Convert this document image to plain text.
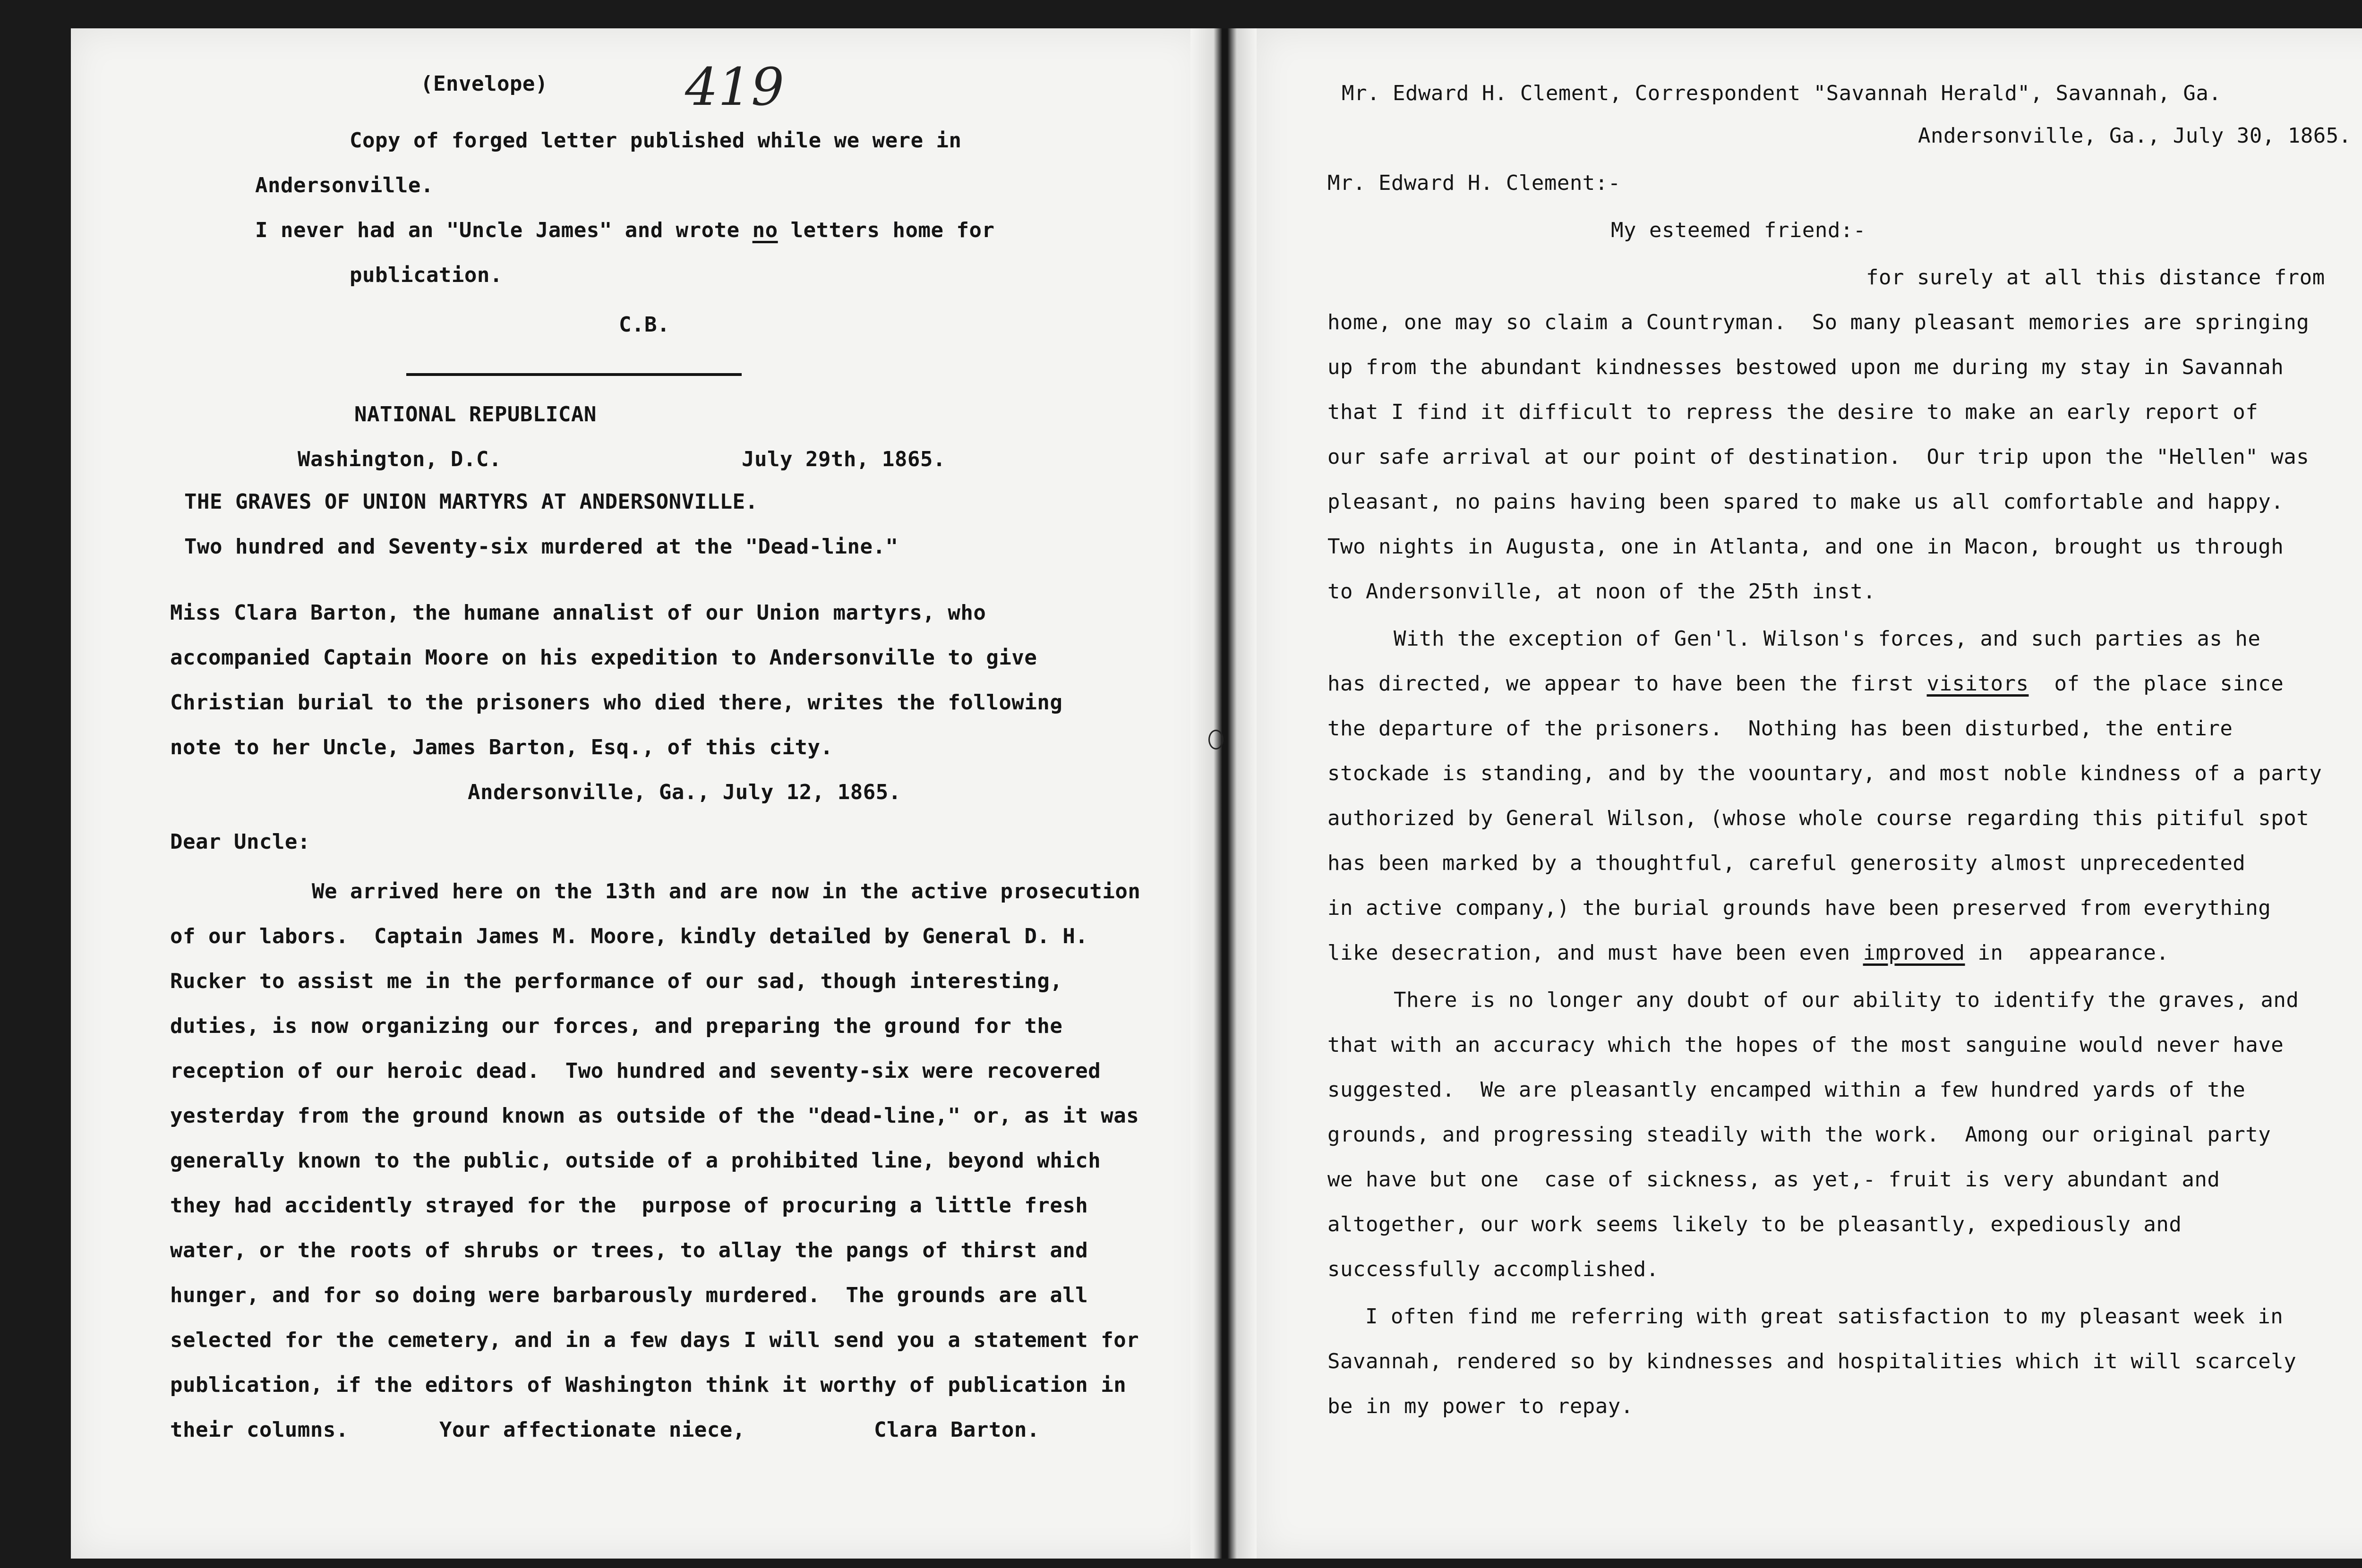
(Envelope)	419
Copy of forged letter published while we were in
Andersonville.
I never had an "Uncle James" and wrote no letters home for
publication.
C.B.
NATIONAL REPUBLICAN
Washington, D.C.	July 29th, 1865.
THE GRAVES OF UNION MARTYRS AT ANDERSONVILLE.
Two hundred and Seventy-six murdered at the "Dead-line."
Miss Clara Barton, the humane annalist of our Union martyrs, who
accompanied Captain Moore on his expedition to Andersonville to give
Christian burial to the prisoners who died there, writes the following
note to her Uncle, James Barton, Esq., of this city.
Andersonville, Ga., July 12, 1865.
Dear Uncle:
We arrived here on the 13th and are now in the active prosecution
of our labors.  Captain James M. Moore, kindly detailed by General D. H.
Rucker to assist me in the performance of our sad, though interesting,
duties, is now organizing our forces, and preparing the ground for the
reception of our heroic dead.  Two hundred and seventy-six were recovered
yesterday from the ground known as outside of the "dead-line," or, as it was
generally known to the public, outside of a prohibited line, beyond which
they had accidently strayed for the  purpose of procuring a little fresh
water, or the roots of shrubs or trees, to allay the pangs of thirst and
hunger, and for so doing were barbarously murdered.  The grounds are all
selected for the cemetery, and in a few days I will send you a statement for
publication, if the editors of Washington think it worthy of publication in
their columns.	Your affectionate niece,	Clara Barton.
Mr. Edward H. Clement, Correspondent "Savannah Herald", Savannah, Ga.
Andersonville, Ga., July 30, 1865.
Mr. Edward H. Clement:-
My esteemed friend:-
for surely at all this distance from
home, one may so claim a Countryman.  So many pleasant memories are springing
up from the abundant kindnesses bestowed upon me during my stay in Savannah
that I find it difficult to repress the desire to make an early report of
our safe arrival at our point of destination.  Our trip upon the "Hellen" was
pleasant, no pains having been spared to make us all comfortable and happy.
Two nights in Augusta, one in Atlanta, and one in Macon, brought us through
to Andersonville, at noon of the 25th inst.
With the exception of Gen'l. Wilson's forces, and such parties as he
has directed, we appear to have been the first visitors  of the place since
the departure of the prisoners.  Nothing has been disturbed, the entire
stockade is standing, and by the voountary, and most noble kindness of a party
authorized by General Wilson, (whose whole course regarding this pitiful spot
has been marked by a thoughtful, careful generosity almost unprecedented
in active company,) the burial grounds have been preserved from everything
like desecration, and must have been even improved in  appearance.
There is no longer any doubt of our ability to identify the graves, and
that with an accuracy which the hopes of the most sanguine would never have
suggested.  We are pleasantly encamped within a few hundred yards of the
grounds, and progressing steadily with the work.  Among our original party
we have but one  case of sickness, as yet,- fruit is very abundant and
altogether, our work seems likely to be pleasantly, expediously and
successfully accomplished.
I often find me referring with great satisfaction to my pleasant week in
Savannah, rendered so by kindnesses and hospitalities which it will scarcely
be in my power to repay.
